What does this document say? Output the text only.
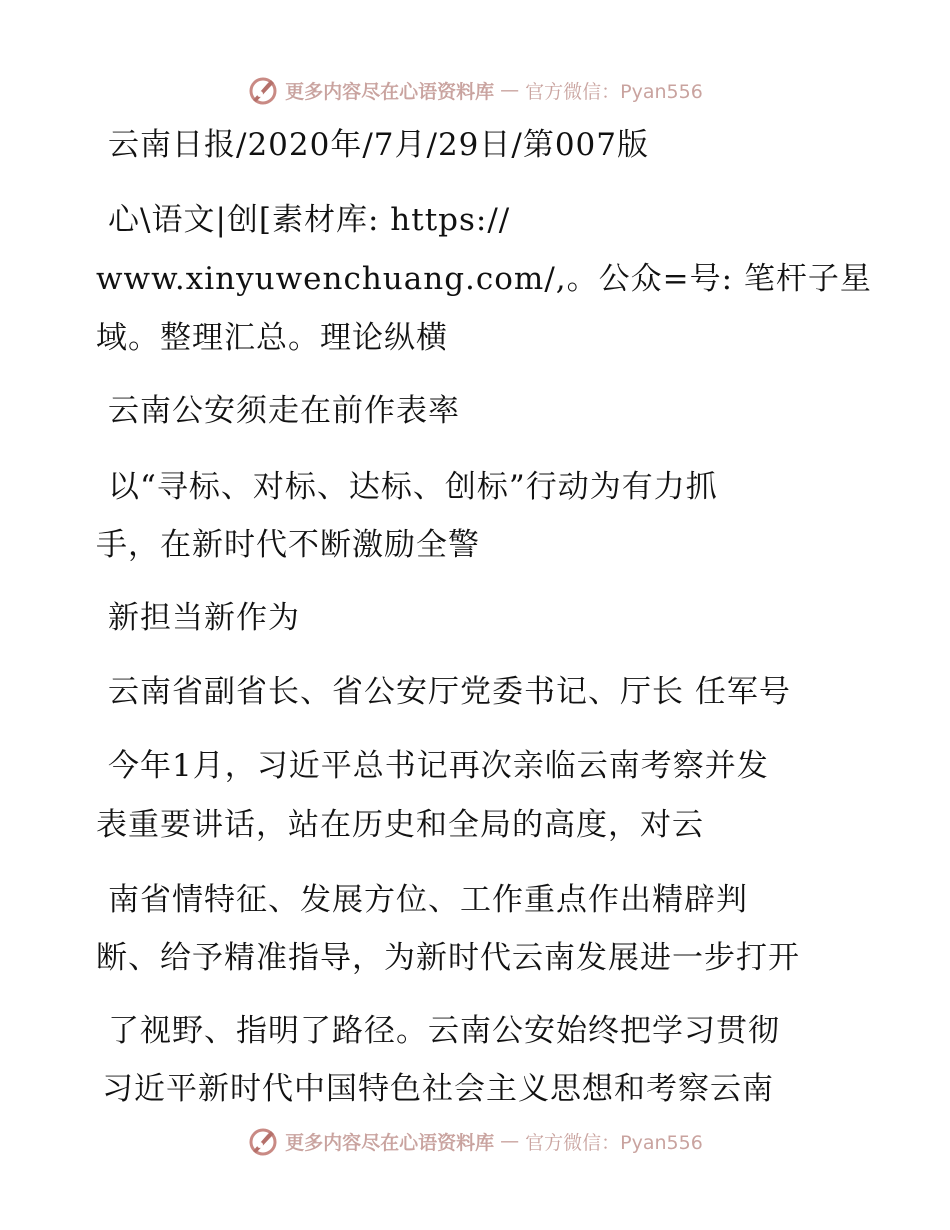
更多内容尽在心语资料库 — 官方微信：Pyan556
云南日报/2020年/7月/29日/第007版
心\语文|创[素材库: https://
www.xinyuwenchuang.com/,。公众=号: 笔杆子星
域。整理汇总。理论纵横
云南公安须走在前作表率
以“寻标、对标、达标、创标”行动为有力抓
手，在新时代不断激励全警
新担当新作为
云南省副省长、省公安厅党委书记、厅长 任军号
今年1月，习近平总书记再次亲临云南考察并发
表重要讲话，站在历史和全局的高度，对云
南省情特征、发展方位、工作重点作出精辟判
断、给予精准指导，为新时代云南发展进一步打开
了视野、指明了路径。云南公安始终把学习贯彻
习近平新时代中国特色社会主义思想和考察云南
更多内容尽在心语资料库 — 官方微信：Pyan556
